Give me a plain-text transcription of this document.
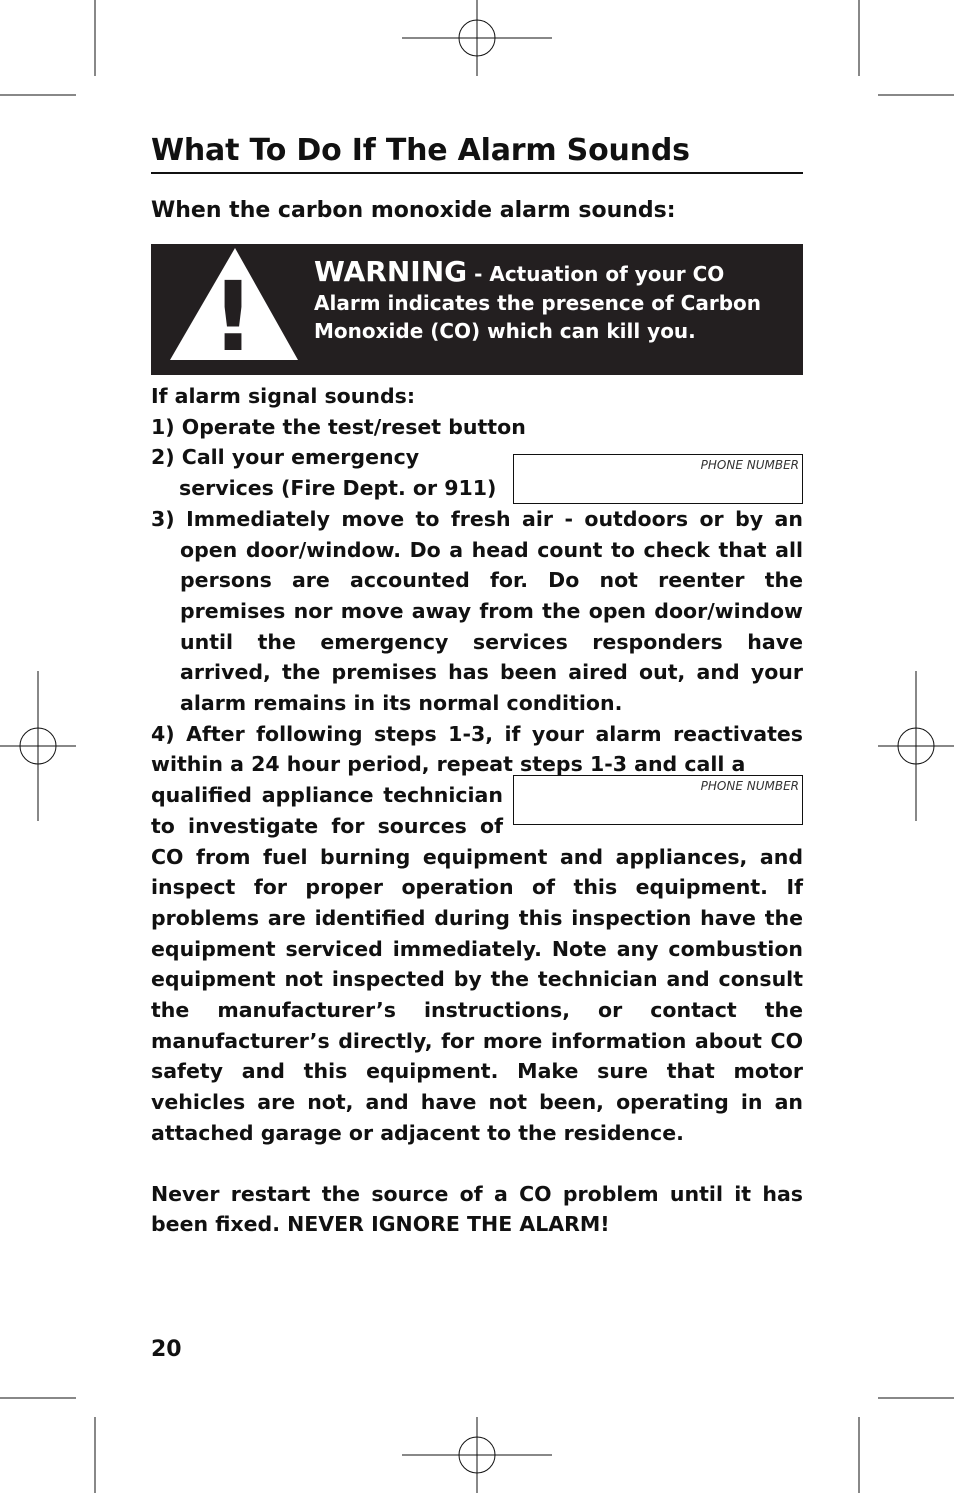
What To Do If The Alarm Sounds
When the carbon monoxide alarm sounds:
! WARNING - Actuation of your CO
Alarm indicates the presence of Carbon
Monoxide (CO) which can kill you.

If alarm signal sounds:

1) Operate the test/reset button

2) Call your emergency

services (Fire Dept. or 911)

PHONE NUMBER

3) Immediately move to fresh air - outdoors or by an open door/window. Do a head count to check that all persons are accounted for. Do not reenter the premises nor move away from the open door/window until the emergency services responders have arrived, the premises has been aired out, and your alarm remains in its normal condition.

4) After following steps 1-3, if your alarm reactivates within a 24 hour period, repeat steps 1-3 and call a

qualified appliance technician

to investigate for sources of

PHONE NUMBER

CO from fuel burning equipment and appliances, and inspect for proper operation of this equipment. If problems are identified during this inspection have the equipment serviced immediately. Note any combustion equipment not inspected by the technician and consult the manufacturer’s instructions, or contact the manufacturer’s directly, for more information about CO safety and this equipment. Make sure that motor vehicles are not, and have not been, operating in an attached garage or adjacent to the residence.

Never restart the source of a CO problem until it has been fixed. NEVER IGNORE THE ALARM!

20
